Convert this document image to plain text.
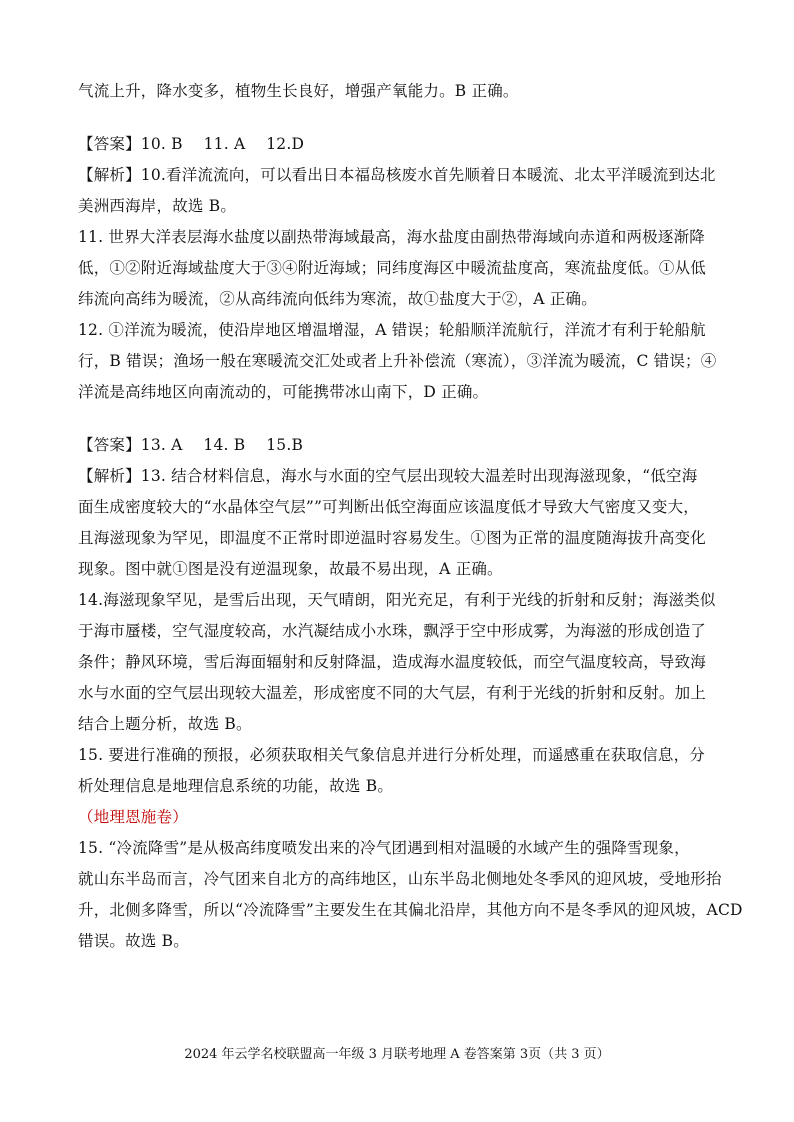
气流上升，降水变多，植物生长良好，增强产氧能力。B 正确。
【答案】10. B　 11. A　 12.D
【解析】10.看洋流流向，可以看出日本福岛核废水首先顺着日本暖流、北太平洋暖流到达北
美洲西海岸，故选 B。
11. 世界大洋表层海水盐度以副热带海域最高，海水盐度由副热带海域向赤道和两极逐渐降
低，①②附近海域盐度大于③④附近海域；同纬度海区中暖流盐度高，寒流盐度低。①从低
纬流向高纬为暖流，②从高纬流向低纬为寒流，故①盐度大于②，A 正确。
12. ①洋流为暖流，使沿岸地区增温增湿，A 错误；轮船顺洋流航行，洋流才有利于轮船航
行，B 错误；渔场一般在寒暖流交汇处或者上升补偿流（寒流），③洋流为暖流，C 错误；④
洋流是高纬地区向南流动的，可能携带冰山南下，D 正确。
【答案】13. A　 14. B　 15.B
【解析】13. 结合材料信息，海水与水面的空气层出现较大温差时出现海滋现象，“低空海
面生成密度较大的“水晶体空气层””可判断出低空海面应该温度低才导致大气密度又变大，
且海滋现象为罕见，即温度不正常时即逆温时容易发生。①图为正常的温度随海拔升高变化
现象。图中就①图是没有逆温现象，故最不易出现，A 正确。
14.海滋现象罕见，是雪后出现，天气晴朗，阳光充足，有利于光线的折射和反射；海滋类似
于海市蜃楼，空气湿度较高，水汽凝结成小水珠，飘浮于空中形成雾，为海滋的形成创造了
条件；静风环境，雪后海面辐射和反射降温，造成海水温度较低，而空气温度较高，导致海
水与水面的空气层出现较大温差，形成密度不同的大气层，有利于光线的折射和反射。加上
结合上题分析，故选 B。
15. 要进行准确的预报，必须获取相关气象信息并进行分析处理，而遥感重在获取信息，分
析处理信息是地理信息系统的功能，故选 B。
（地理恩施卷）
15. “冷流降雪”是从极高纬度喷发出来的冷气团遇到相对温暖的水域产生的强降雪现象，
就山东半岛而言，冷气团来自北方的高纬地区，山东半岛北侧地处冬季风的迎风坡，受地形抬
升，北侧多降雪，所以“冷流降雪”主要发生在其偏北沿岸，其他方向不是冬季风的迎风坡，ACD
错误。故选 B。
2024 年云学名校联盟高一年级 3 月联考地理 A 卷答案第 3页（共 3 页）
